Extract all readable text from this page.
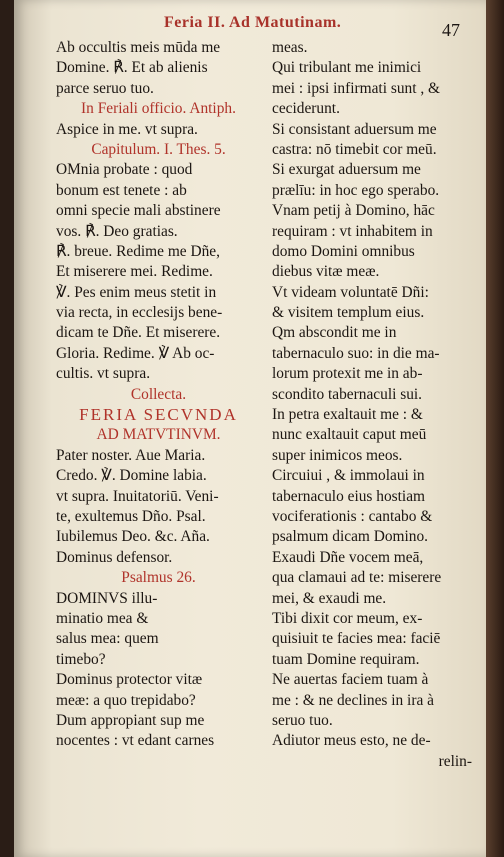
Feria II. Ad Matutinam.	47
Ab occultis meis mūda me
Domine. ℟. Et ab alienis
parce seruo tuo.
In Feriali officio. Antiph.
Aspice in me. vt supra.
Capitulum. I. Thes. 5.
OMnia probate : quod
bonum est tenete : ab
omni specie mali abstinere
vos. ℟. Deo gratias.
℟. breue. Redime me Dñe,
Et miserere mei. Redime.
℣. Pes enim meus stetit in
via recta, in ecclesijs bene-
dicam te Dñe. Et miserere.
Gloria. Redime. ℣ Ab oc-
cultis. vt supra.
Collecta.
FERIA SECVNDA
AD MATVTINVM.
Pater noster. Aue Maria.
Credo. ℣. Domine labia.
vt supra. Inuitatoriū. Veni-
te, exultemus Dño. Psal.
Iubilemus Deo. &c. Aña.
Dominus defensor.
Psalmus 26.
DOMINVS illu-
minatio mea &
salus mea: quem
timebo?
Dominus protector vitæ
meæ: a quo trepidabo?
Dum appropiant sup me
nocentes : vt edant carnes
meas.
Qui tribulant me inimici
mei : ipsi infirmati sunt , &
ceciderunt.
Si consistant aduersum me
castra: nō timebit cor meū.
Si exurgat aduersum me
prælīu: in hoc ego sperabo.
Vnam petij à Domino, hāc
requiram : vt inhabitem in
domo Domini omnibus
diebus vitæ meæ.
Vt videam voluntatē Dñi:
& visitem templum eius.
Qm abscondit me in
tabernaculo suo: in die ma-
lorum protexit me in ab-
scondito tabernaculi sui.
In petra exaltauit me : &
nunc exaltauit caput meū
super inimicos meos.
Circuiui , & immolaui in
tabernaculo eius hostiam
vociferationis : cantabo &
psalmum dicam Domino.
Exaudi Dñe vocem meā,
qua clamaui ad te: miserere
mei, & exaudi me.
Tibi dixit cor meum, ex-
quisiuit te facies mea: faciē
tuam Domine requiram.
Ne auertas faciem tuam à
me : & ne declines in ira à
seruo tuo.
Adiutor meus esto, ne de-
relin-
